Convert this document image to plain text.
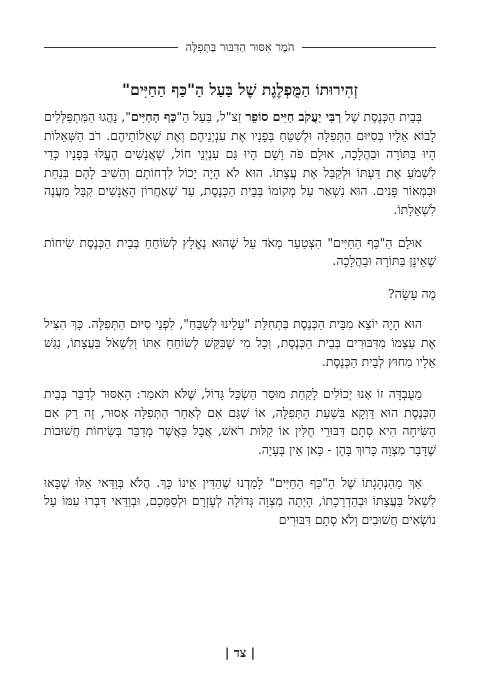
הֹמֶר אִסּוּר הַדִּבּוּר בַּתְּפִלָּה
זְהִירוּתוֹ הַמֻּפְלֶגֶת שֶׁל בַּעַל הַ"כַּף הַחַיִּים"

בְּבֵית הַכְּנֶסֶת שֶׁל רַבִּי יַעֲקֹב חַיִּים סוֹפֵר זַצ"ל, בַּעַל הַ"כַּף הַחַיִּים", נָהֲגוּ הַמִּתְפַּלְּלִים לָבוֹא אֵלָיו בְּסִיּוּם הַתְּפִלָּה וּלְשַׁטֵּחַ בְּפָנָיו אֶת עִנְיְנֵיהֶם וְאֶת שְׁאֵלוֹתֵיהֶם. רֹב הַשְּׁאֵלוֹת הָיוּ בַּתּוֹרָה וּבַהֲלָכָה, אוּלָם פֹּה וָשָׁם הָיוּ גַּם עִנְיְנֵי חוֹל, שֶׁאֲנָשִׁים הֶעֱלוּ בְּפָנָיו כְּדֵי לִשְׁמֹעַ אֶת דַּעְתּוֹ וּלְקַבֵּל אֶת עֲצָתוֹ. הוּא לֹא הָיָה יָכוֹל לִדְחוֹתָם וְהֵשִׁיב לָהֶם בְּנַחַת וּבִמְאוֹר פָּנִים. הוּא נִשְׁאַר עַל מְקוֹמוֹ בְּבֵית הַכְּנֶסֶת, עַד שֶׁאַחֲרוֹן הָאֲנָשִׁים קִבֵּל מַעֲנֶה לִשְׁאֵלָתוֹ.

אוּלָם הַ"כַּף הַחַיִּים" הִצְטַעֵר מְאֹד עַל שֶׁהוּא נֶאֱלָץ לְשׂוֹחֵחַ בְּבֵית הַכְּנֶסֶת שִׂיחוֹת שֶׁאֵינָן בַּתּוֹרָה וּבַהֲלָכָה.

מֶה עָשָׂה?

הוּא הָיָה יוֹצֵא מִבֵּית הַכְּנֶסֶת בִּתְחִלַּת "עָלֵינוּ לְשַׁבֵּחַ", לִפְנֵי סִיּוּם הַתְּפִלָּה. כָּךְ הִצִּיל אֶת עַצְמוֹ מִדִּבּוּרִים בְּבֵית הַכְּנֶסֶת, וְכָל מִי שֶׁבִּקֵּשׁ לְשׂוֹחֵחַ אִתּוֹ וְלִשְׁאֹל בַּעֲצָתוֹ, נִגַּשׁ אֵלָיו מִחוּץ לְבֵית הַכְּנֶסֶת.

מֵעֻבְדָּה זוֹ אָנוּ יְכוֹלִים לָקַחַת מוּסַר הַשְׂכֵּל גָּדוֹל, שֶׁלֹּא תֹּאמַר: הָאִסּוּר לְדַבֵּר בְּבֵית הַכְּנֶסֶת הוּא דַּוְקָא בִּשְׁעַת הַתְּפִלָּה, אוֹ שֶׁגַּם אִם לְאַחַר הַתְּפִלָּה אָסוּר, זֶה רַק אִם הַשִּׂיחָה הִיא סְתָם דִּבּוּרֵי חֻלִּין אוֹ קַלּוּת רֹאשׁ, אֲבָל כַּאֲשֶׁר מְדַבֵּר בְּשִׂיחוֹת חֲשׁוּבוֹת שֶׁדָּבָר מִצְוָה כָּרוּךְ בָּהֶן - כָּאן אֵין בְּעָיָה.

אַךְ מֵהַנְהָגָתוֹ שֶׁל הַ"כַּף הַחַיִּים" לָמַדְנוּ שֶׁהַדִּין אֵינוֹ כָּךְ. הֲלֹא בְּוַדַּאי אֵלּוּ שֶׁבָּאוּ לִשְׁאֹל בַּעֲצָתוֹ וּבְהַדְרָכָתוֹ, הָיְתָה מִצְוָה גְּדוֹלָה לְעָזְרָם וּלְסַמְּכָם, וּבְוַדַּאי דִּבְּרוּ עִמּוֹ עַל נוֹשְׂאִים חֲשׁוּבִים וְלֹא סְתָם דִּבּוּרִים

| צד |
